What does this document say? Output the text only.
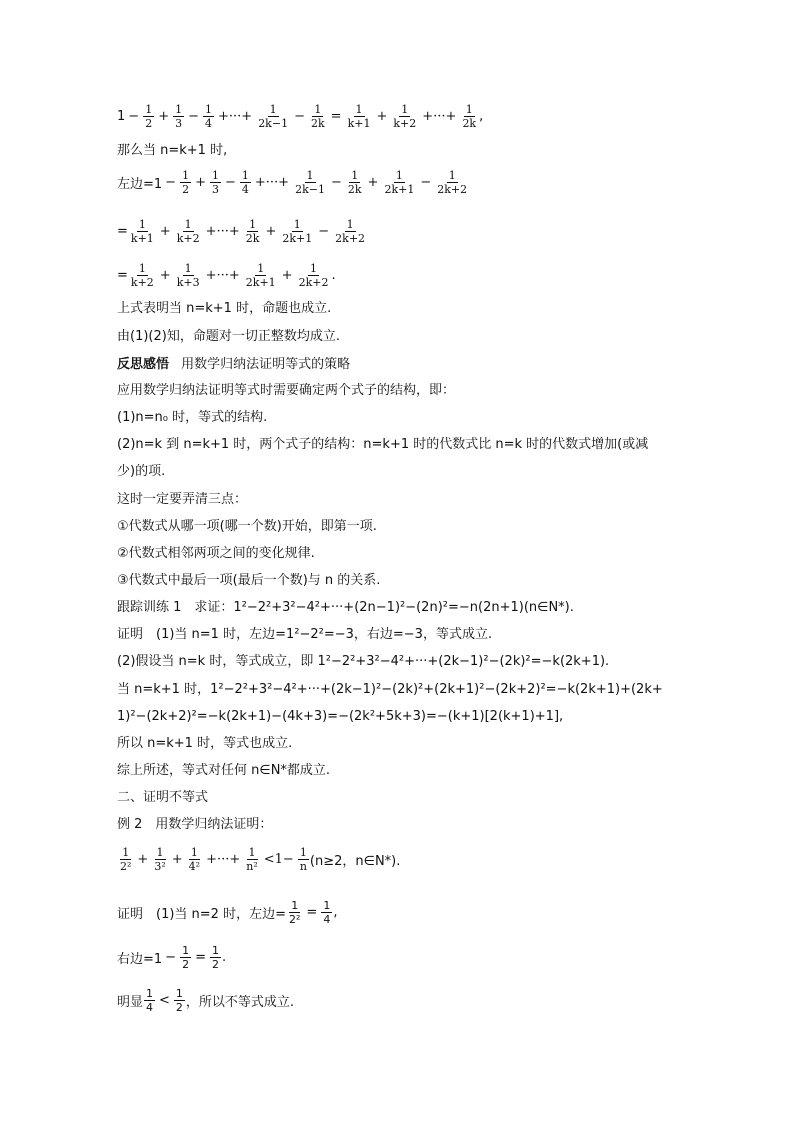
$1 - \frac{1}{2} + \frac{1}{3} - \frac{1}{4}$ +···+ $\frac{1}{2k-1} - \frac{1}{2k} = \frac{1}{k+1} + \frac{1}{k+2}$ +···+ $\frac{1}{2k}$ ,
那么当 n=k+1 时,
左边$=1 - \frac{1}{2} + \frac{1}{3} - \frac{1}{4}$ +···+ $\frac{1}{2k-1} - \frac{1}{2k} + \frac{1}{2k+1} - \frac{1}{2k+2}$
= $\frac{1}{k+1} + \frac{1}{k+2}$ +···+ $\frac{1}{2k} + \frac{1}{2k+1} - \frac{1}{2k+2}$
= $\frac{1}{k+2} + \frac{1}{k+3}$ +···+ $\frac{1}{2k+1} + \frac{1}{2k+2}$ .
上式表明当 n=k+1 时，命题也成立.
由(1)(2)知，命题对一切正整数均成立.
反思感悟 用数学归纳法证明等式的策略
应用数学归纳法证明等式时需要确定两个式子的结构，即：
(1)n=n₀ 时，等式的结构.
(2)n=k 到 n=k+1 时，两个式子的结构：n=k+1 时的代数式比 n=k 时的代数式增加(或减
少)的项.
这时一定要弄清三点：
①代数式从哪一项(哪一个数)开始，即第一项.
②代数式相邻两项之间的变化规律.
③代数式中最后一项(最后一个数)与 n 的关系.
跟踪训练 1　求证：1²−2²+3²−4²+···+(2n−1)²−(2n)²=−n(2n+1)(n∈N*).
证明　(1)当 n=1 时，左边=1²−2²=−3，右边=−3，等式成立.
(2)假设当 n=k 时，等式成立，即 1²−2²+3²−4²+···+(2k−1)²−(2k)²=−k(2k+1).
当 n=k+1 时，1²−2²+3²−4²+···+(2k−1)²−(2k)²+(2k+1)²−(2k+2)²=−k(2k+1)+(2k+
1)²−(2k+2)²=−k(2k+1)−(4k+3)=−(2k²+5k+3)=−(k+1)[2(k+1)+1],
所以 n=k+1 时，等式也成立.
综上所述，等式对任何 n∈N*都成立.
二、证明不等式
例 2　用数学归纳法证明：
$\frac{1}{\text{2²}} + \frac{1}{\text{3²}} + \frac{1}{\text{4²}}$ +···+ $\frac{1}{\text{n²}} <1- \frac{1}{n} (n\ge 2$，n∈N*).
证明　(1)当 n=2 时，左边= $\frac{1}{\text{2²}} = \frac{1}{4}$ ,
右边$=1 - \frac{1}{2} = \frac{1}{2}$ .
明显 $\frac{1}{4} < \frac{1}{2}$ ，所以不等式成立.
